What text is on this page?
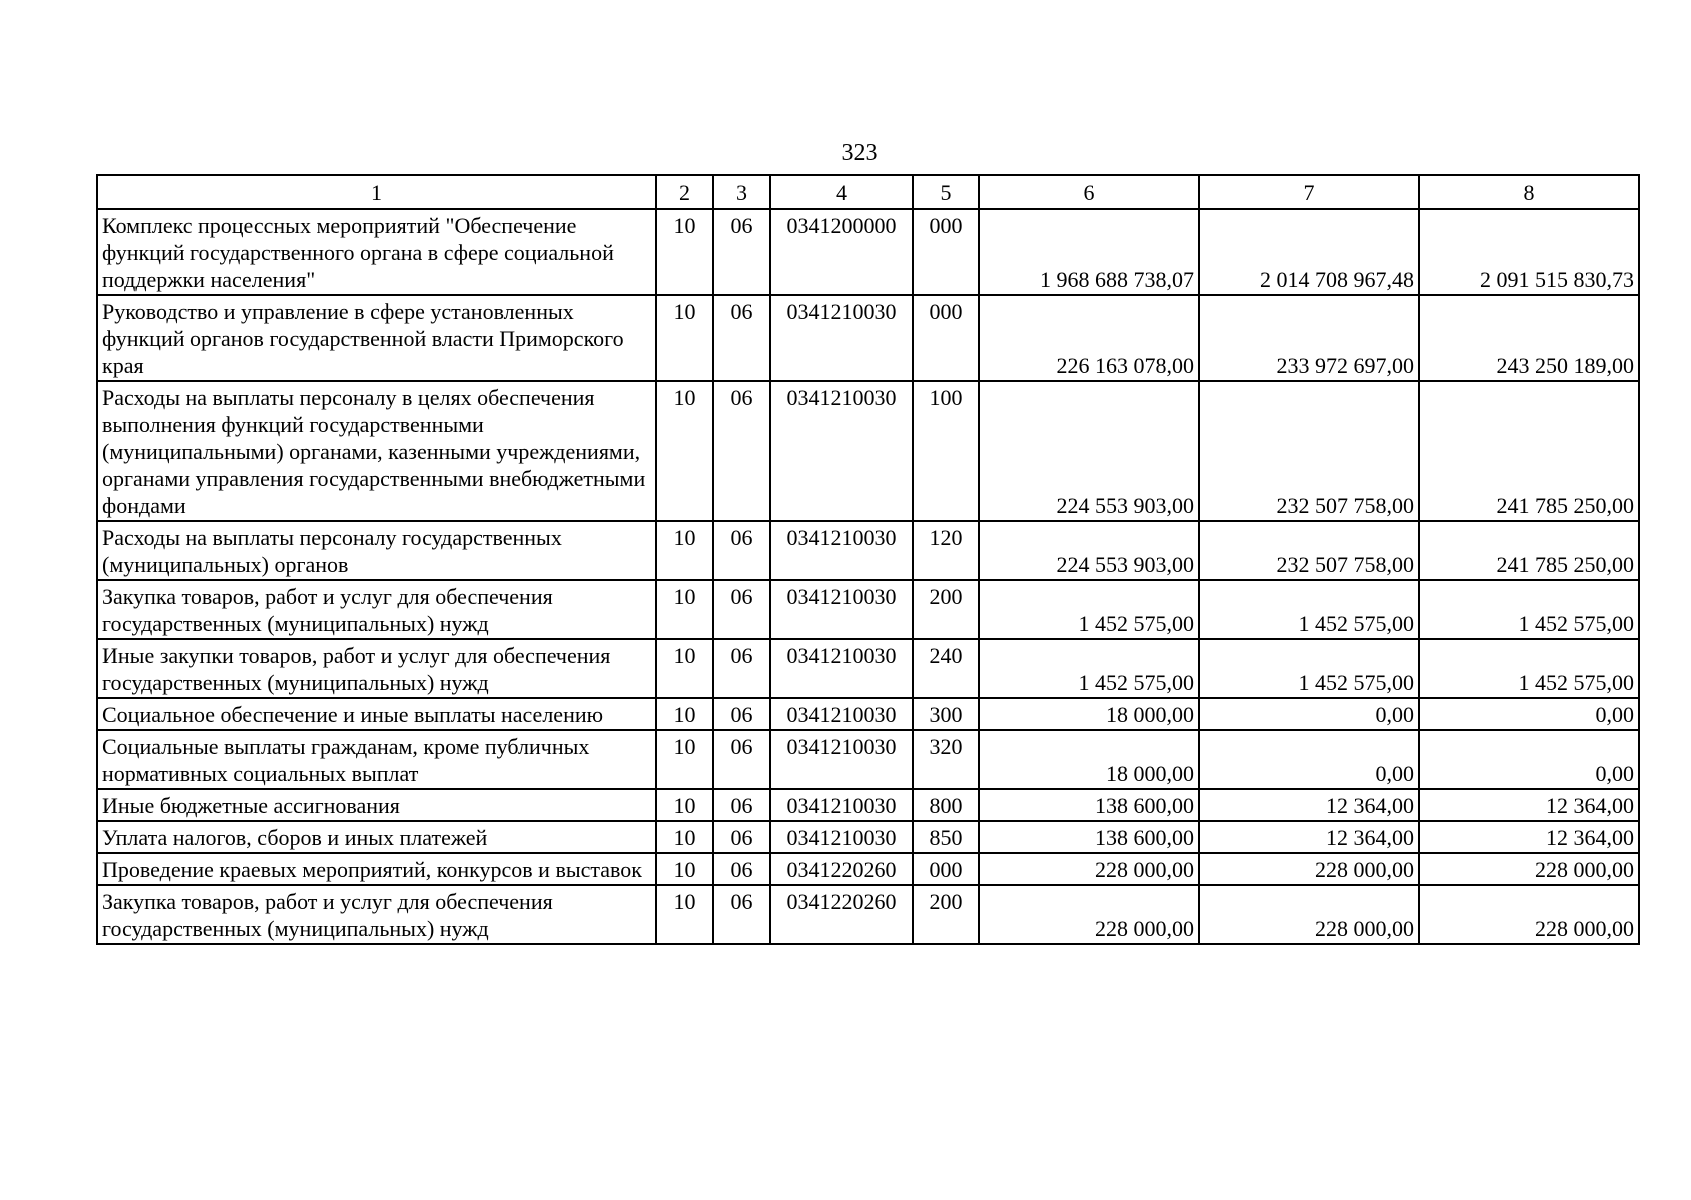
323
1	2	3	4	5	6	7	8
Комплекс процессных мероприятий "Обеспечение функций государственного органа в сфере социальной поддержки населения"	10	06	0341200000	000	1 968 688 738,07	2 014 708 967,48	2 091 515 830,73
Руководство и управление в сфере установленных функций органов государственной власти Приморского края	10	06	0341210030	000	226 163 078,00	233 972 697,00	243 250 189,00
Расходы на выплаты персоналу в целях обеспечения выполнения функций государственными (муниципальными) органами, казенными учреждениями, органами управления государственными внебюджетными фондами	10	06	0341210030	100	224 553 903,00	232 507 758,00	241 785 250,00
Расходы на выплаты персоналу государственных (муниципальных) органов	10	06	0341210030	120	224 553 903,00	232 507 758,00	241 785 250,00
Закупка товаров, работ и услуг для обеспечения государственных (муниципальных) нужд	10	06	0341210030	200	1 452 575,00	1 452 575,00	1 452 575,00
Иные закупки товаров, работ и услуг для обеспечения государственных (муниципальных) нужд	10	06	0341210030	240	1 452 575,00	1 452 575,00	1 452 575,00
Социальное обеспечение и иные выплаты населению	10	06	0341210030	300	18 000,00	0,00	0,00
Социальные выплаты гражданам, кроме публичных нормативных социальных выплат	10	06	0341210030	320	18 000,00	0,00	0,00
Иные бюджетные ассигнования	10	06	0341210030	800	138 600,00	12 364,00	12 364,00
Уплата налогов, сборов и иных платежей	10	06	0341210030	850	138 600,00	12 364,00	12 364,00
Проведение краевых мероприятий, конкурсов и выставок	10	06	0341220260	000	228 000,00	228 000,00	228 000,00
Закупка товаров, работ и услуг для обеспечения государственных (муниципальных) нужд	10	06	0341220260	200	228 000,00	228 000,00	228 000,00
